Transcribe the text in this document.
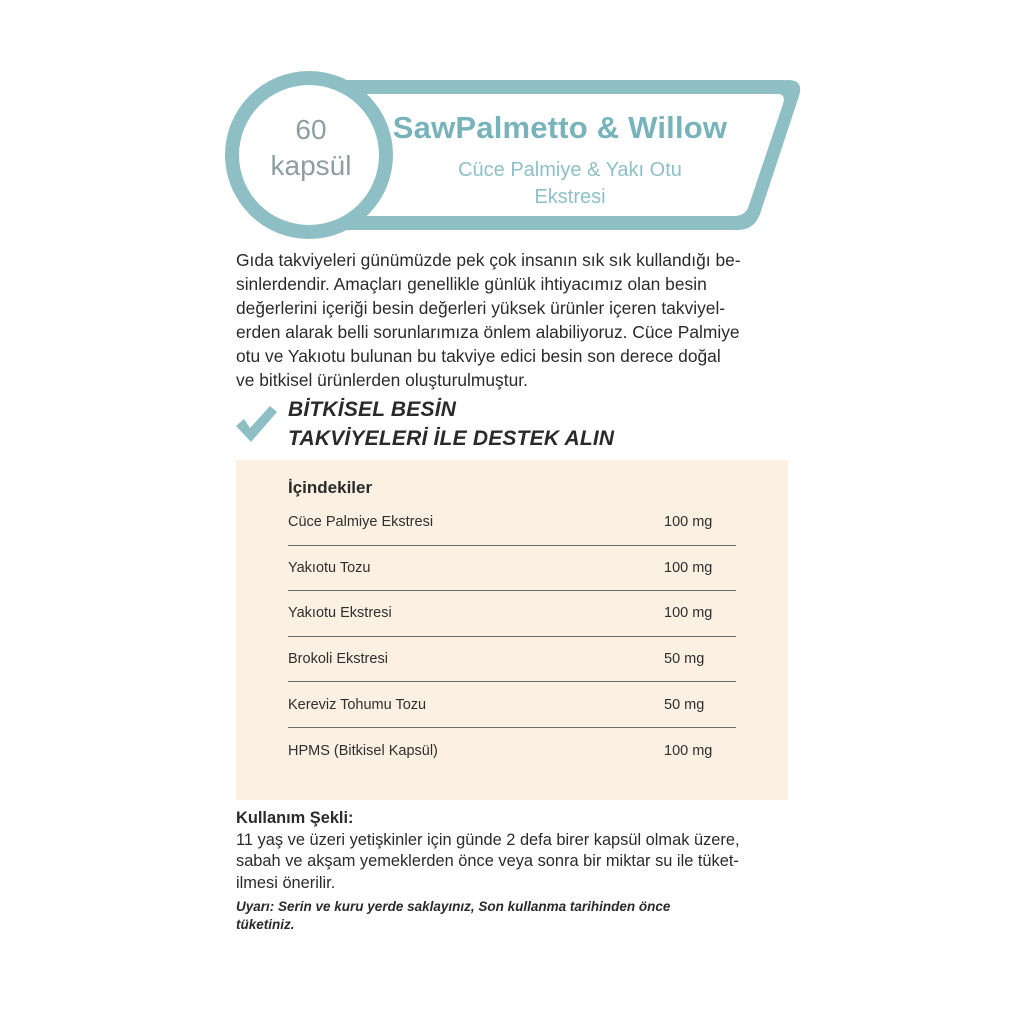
60
kapsül
SawPalmetto & Willow
Cüce Palmiye & Yakı Otu
Ekstresi
Gıda takviyeleri günümüzde pek çok insanın sık sık kullandığı be-
sinlerdendir. Amaçları genellikle günlük ihtiyacımız olan besin
değerlerini içeriği besin değerleri yüksek ürünler içeren takviyel-
erden alarak belli sorunlarımıza önlem alabiliyoruz. Cüce Palmiye
otu ve Yakıotu bulunan bu takviye edici besin son derece doğal
ve bitkisel ürünlerden oluşturulmuştur.
BİTKİSEL BESİN
TAKVİYELERİ İLE DESTEK ALIN
İçindekiler
Cüce Palmiye Ekstresi	100 mg
Yakıotu Tozu	100 mg
Yakıotu Ekstresi	100 mg
Brokoli Ekstresi	50 mg
Kereviz Tohumu Tozu	50 mg
HPMS (Bitkisel Kapsül)	100 mg
Kullanım Şekli:
11 yaş ve üzeri yetişkinler için günde 2 defa birer kapsül olmak üzere,
sabah ve akşam yemeklerden önce veya sonra bir miktar su ile tüket-
ilmesi önerilir.
Uyarı: Serin ve kuru yerde saklayınız, Son kullanma tarihinden önce
tüketiniz.
